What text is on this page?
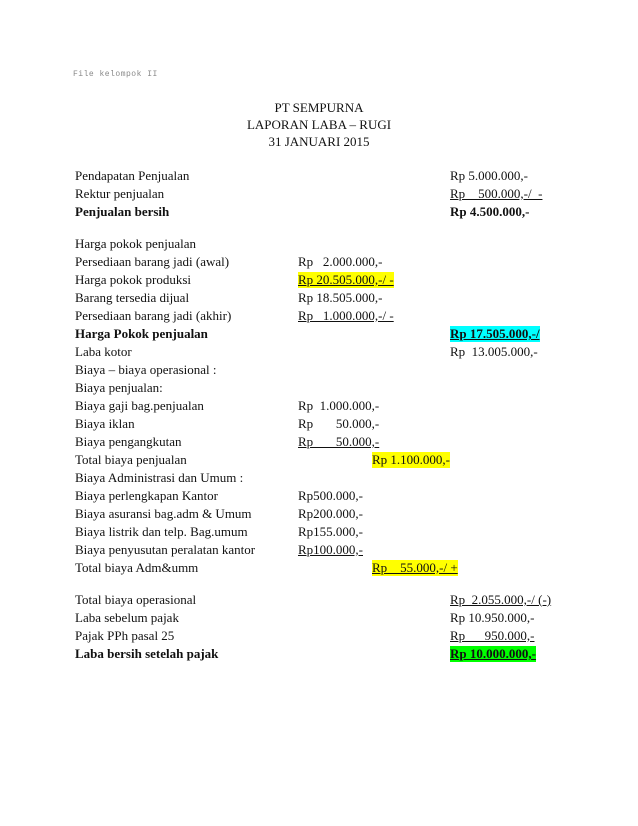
File kelompok II
PT SEMPURNA
LAPORAN LABA – RUGI
31 JANUARI 2015
Pendapatan Penjualan	Rp 5.000.000,-
Rektur penjualan	Rp    500.000,-/  -
Penjualan bersih	Rp 4.500.000,-
Harga pokok penjualan
Persediaan barang jadi (awal)	Rp   2.000.000,-
Harga pokok produksi	Rp 20.505.000,-/ -
Barang tersedia dijual	Rp 18.505.000,-
Persediaan barang jadi (akhir)	Rp   1.000.000,-/ -
Harga Pokok penjualan	Rp 17.505.000,-/
Laba kotor	Rp  13.005.000,-
Biaya – biaya operasional :
Biaya penjualan:
Biaya gaji bag.penjualan	Rp  1.000.000,-
Biaya iklan	Rp       50.000,-
Biaya pengangkutan	Rp       50.000,-
Total biaya penjualan	Rp 1.100.000,-
Biaya Administrasi dan Umum :
Biaya perlengkapan Kantor	Rp500.000,-
Biaya asuransi bag.adm & Umum	Rp200.000,-
Biaya listrik dan telp. Bag.umum	Rp155.000,-
Biaya penyusutan peralatan kantor	Rp100.000,-
Total biaya Adm&umm	Rp    55.000,-/ +
Total biaya operasional	Rp  2.055.000,-/ (-)
Laba sebelum pajak	Rp 10.950.000,-
Pajak PPh pasal 25	Rp      950.000,-
Laba bersih setelah pajak	Rp 10.000.000,-
